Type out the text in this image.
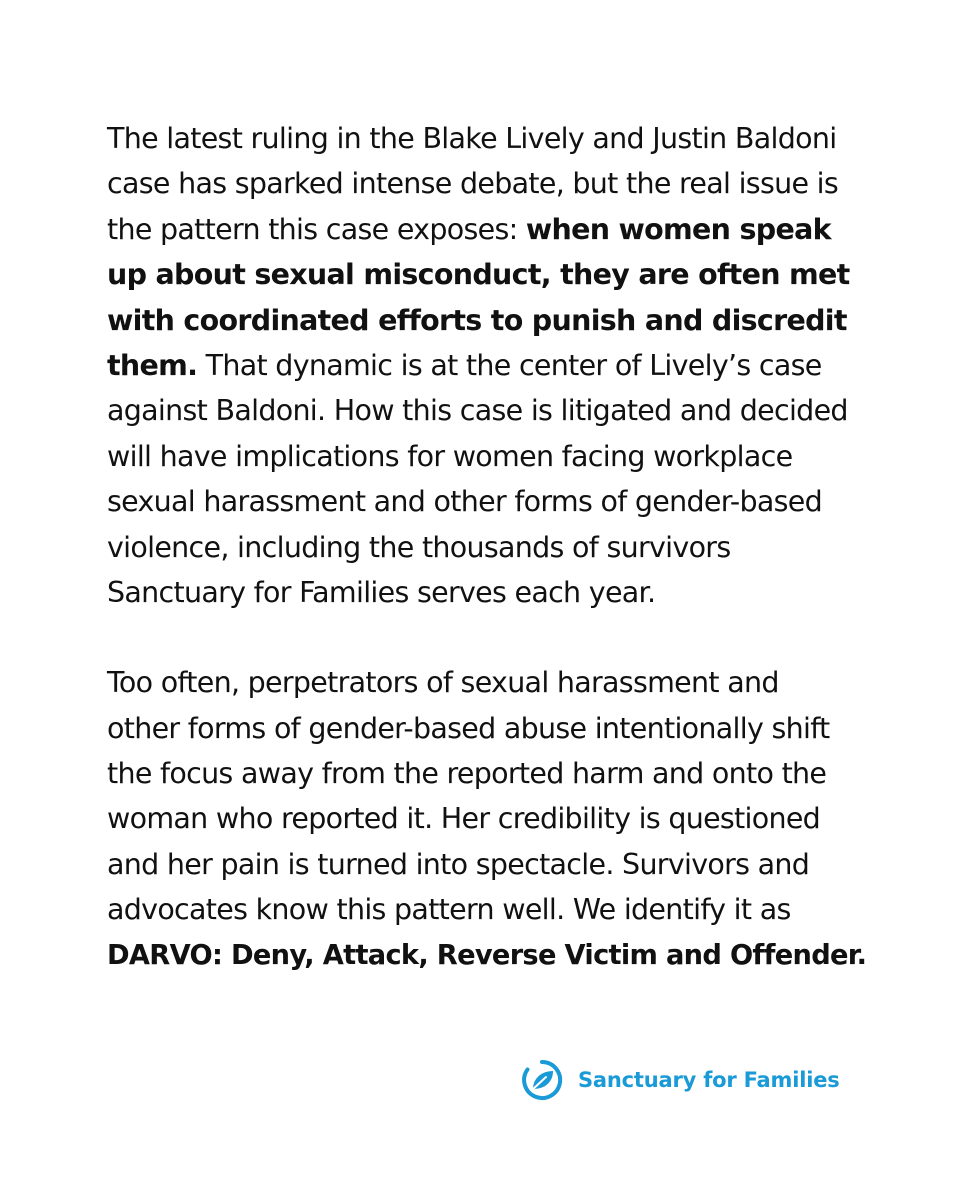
The latest ruling in the Blake Lively and Justin Baldoni
case has sparked intense debate, but the real issue is
the pattern this case exposes: when women speak
up about sexual misconduct, they are often met
with coordinated efforts to punish and discredit
them. That dynamic is at the center of Lively’s case
against Baldoni. How this case is litigated and decided
will have implications for women facing workplace
sexual harassment and other forms of gender-based
violence, including the thousands of survivors
Sanctuary for Families serves each year.

Too often, perpetrators of sexual harassment and
other forms of gender-based abuse intentionally shift
the focus away from the reported harm and onto the
woman who reported it. Her credibility is questioned
and her pain is turned into spectacle. Survivors and
advocates know this pattern well. We identify it as
DARVO: Deny, Attack, Reverse Victim and Offender.

Sanctuary for Families
